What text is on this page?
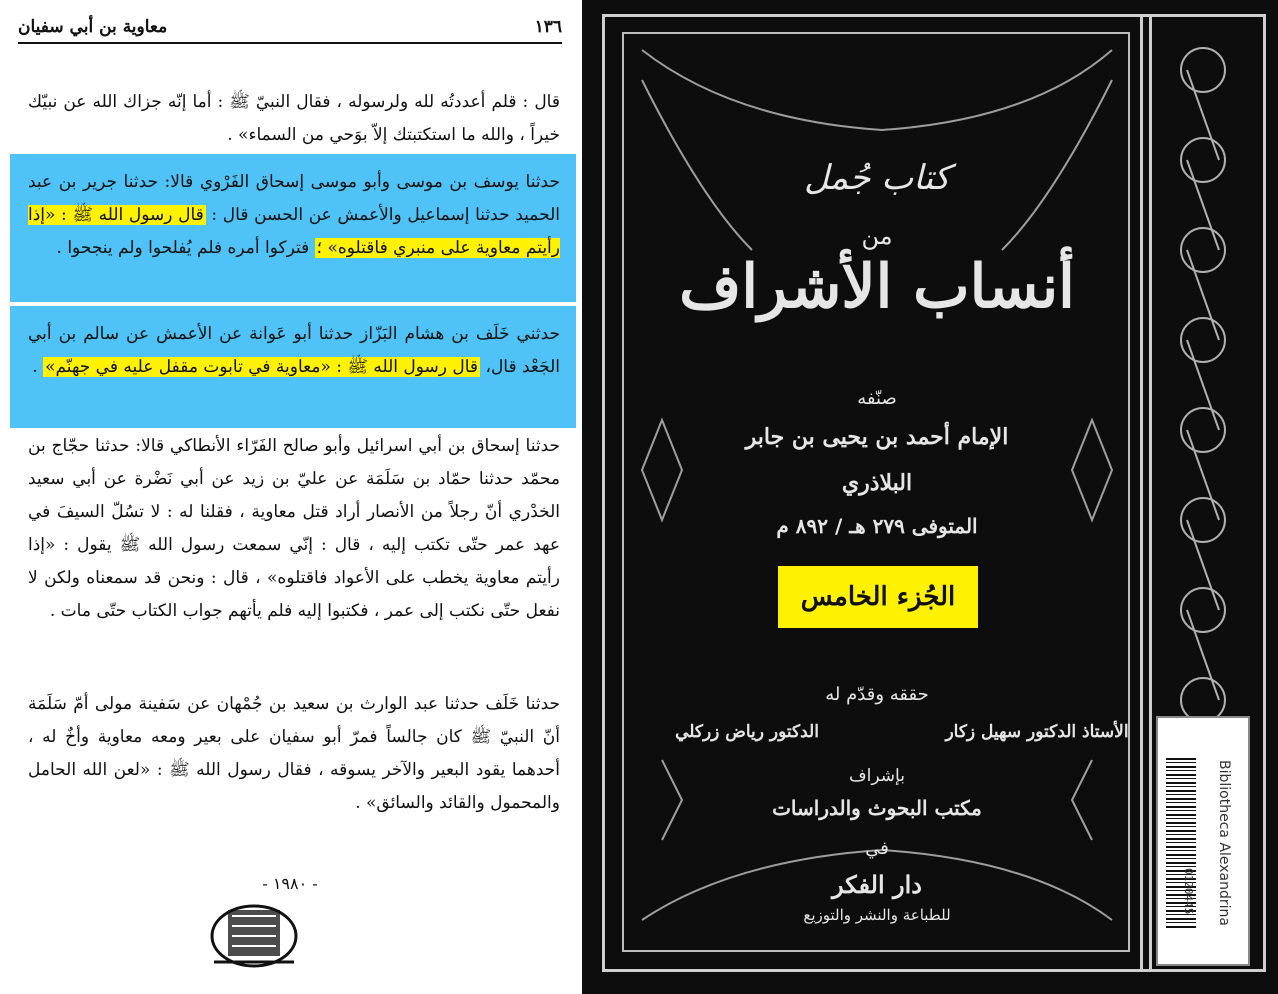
١٣٦
معاوية بن أبي سفيان
قال : قلم أعددتُه لله ولرسوله ، فقال النبيّ ﷺ : أما إنّه جزاك الله عن نبيّك خيراً ، والله ما استكتبتك إلاّ بوَحي من السماء» .
حدثنا يوسف بن موسى وأبو موسى إسحاق الفَرْوي قالا: حدثنا جرير بن عبد الحميد حدثنا إسماعيل والأعمش عن الحسن قال : قال رسول الله ﷺ : «إذا رأيتم معاوية على منبري فاقتلوه» ؛ فتركوا أمره فلم يُفلحوا ولم ينجحوا .
حدثني خَلَف بن هشام البَزّاز حدثنا أبو عَوانة عن الأعمش عن سالم بن أبي الجَعْد قال، قال رسول الله ﷺ : «معاوية في تابوت مقفل عليه في جهنّم» .
حدثنا إسحاق بن أبي اسرائيل وأبو صالح الفَرّاء الأنطاكي قالا: حدثنا حجّاج بن محمّد حدثنا حمّاد بن سَلَمَة عن عليّ بن زيد عن أبي نَضْرة عن أبي سعيد الخدْري أنّ رجلاً من الأنصار أراد قتل معاوية ، فقلنا له : لا تسُلّ السيفَ في عهد عمر حتّى تكتب إليه ، قال : إنّي سمعت رسول الله ﷺ يقول : «إذا رأيتم معاوية يخطب على الأعواد فاقتلوه» ، قال : ونحن قد سمعناه ولكن لا نفعل حتّى نكتب إلى عمر ، فكتبوا إليه فلم يأتهم جواب الكتاب حتّى مات .
حدثنا خَلَف حدثنا عبد الوارث بن سعيد بن جُمْهان عن سَفينة مولى أمّ سَلَمَة أنّ النبيّ ﷺ كان جالساً فمرّ أبو سفيان على بعير ومعه معاوية وأخٌ له ، أحدهما يقود البعير والآخر يسوقه ، فقال رسول الله ﷺ : «لعن الله الحامل والمحمول والقائد والسائق» .
- ١٩٨٠ -
كتاب جُمل
من
أنساب الأشراف
صنّفه
الإمام أحمد بن يحيى بن جابر
البلاذري
المتوفى ٢٧٩ هـ / ٨٩٢ م
الجُزء الخامس
حققه وقدّم له
الأستاذ الدكتور سهيل زكار
الدكتور رياض زركلي
بإشراف
مكتب البحوث والدراسات
في
دار الفكر
للطباعة والنشر والتوزيع	Bibliotheca Alexandrina
0120445
